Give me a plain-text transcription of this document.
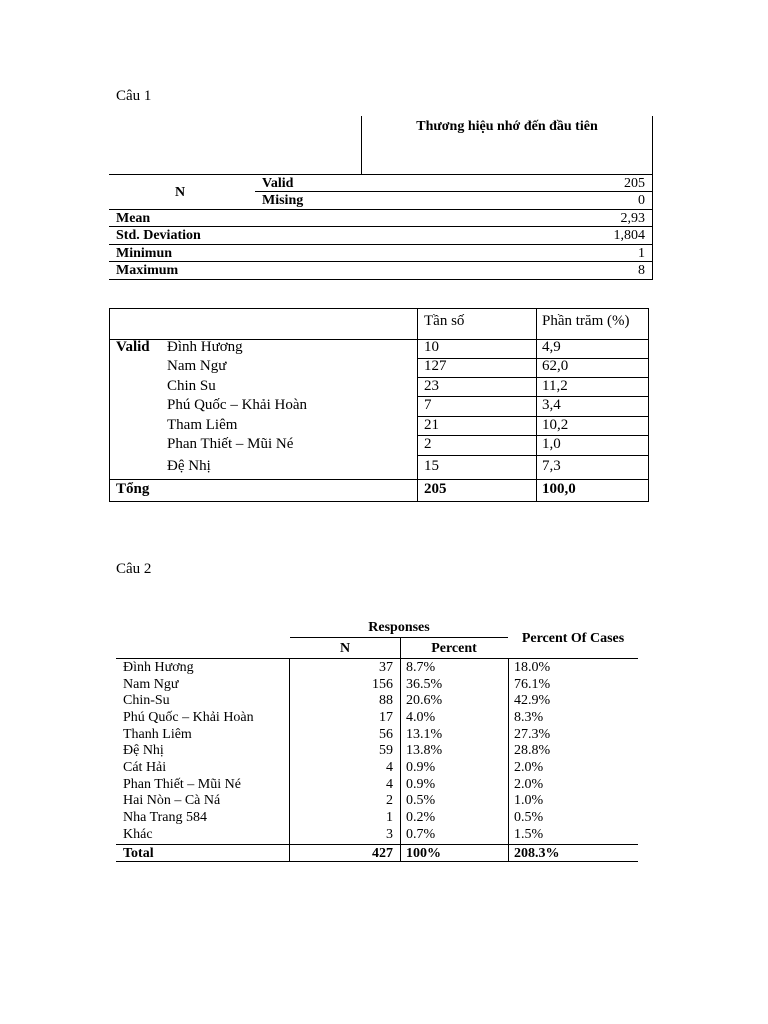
Câu 1
Thương hiệu nhớ đến đầu tiên
N
Valid	205
Mising	0
Mean	2,93
Std. Deviation	1,804
Minimun	1
Maximum	8
Tần số	Phần trăm (%)
Valid Đình Hương	10	4,9
Nam Ngư	127	62,0
Chin Su	23	11,2
Phú Quốc – Khải Hoàn	7	3,4
Tham Liêm	21	10,2
Phan Thiết – Mũi Né	2	1,0
Đệ Nhị	15	7,3
Tổng	205	100,0
Câu 2
Responses
Percent Of Cases
N	Percent
Đình Hương	37 8.7%	18.0%
Nam Ngư	156 36.5%	76.1%
Chin-Su	88 20.6%	42.9%
Phú Quốc – Khải Hoàn	17 4.0%	8.3%
Thanh Liêm	56 13.1%	27.3%
Đệ Nhị	59 13.8%	28.8%
Cát Hải	4 0.9%	2.0%
Phan Thiết – Mũi Né	4 0.9%	2.0%
Hai Nòn – Cà Ná	2 0.5%	1.0%
Nha Trang 584	1 0.2%	0.5%
Khác	3 0.7%	1.5%
Total	427 100%	208.3%
